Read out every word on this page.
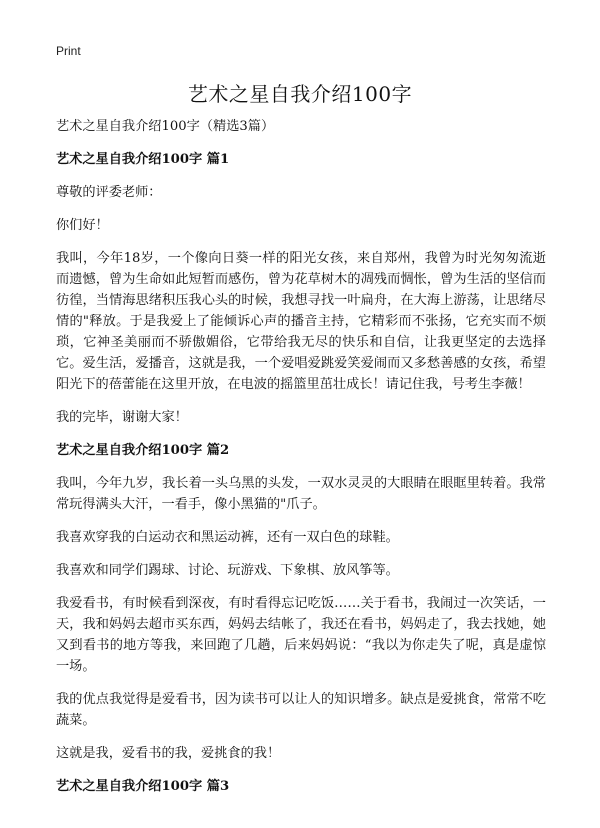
Print
艺术之星自我介绍100字

艺术之星自我介绍100字（精选3篇）

艺术之星自我介绍100字 篇1

尊敬的评委老师：

你们好！

我叫，今年18岁，一个像向日葵一样的阳光女孩，来自郑州，我曾为时光匆匆流逝而遗憾，曾为生命如此短暂而感伤，曾为花草树木的凋残而惆怅，曾为生活的坚信而彷徨，当情海思绪积压我心头的时候，我想寻找一叶扁舟，在大海上游荡，让思绪尽情的"释放。于是我爱上了能倾诉心声的播音主持，它精彩而不张扬，它充实而不烦琐，它神圣美丽而不骄傲媚俗，它带给我无尽的快乐和自信，让我更坚定的去选择它。爱生活，爱播音，这就是我，一个爱唱爱跳爱笑爱闹而又多愁善感的女孩，希望阳光下的蓓蕾能在这里开放，在电波的摇篮里茁壮成长！请记住我，号考生李薇！

我的完毕，谢谢大家！

艺术之星自我介绍100字 篇2

我叫，今年九岁，我长着一头乌黑的头发，一双水灵灵的大眼睛在眼眶里转着。我常常玩得满头大汗，一看手，像小黑猫的"爪子。

我喜欢穿我的白运动衣和黑运动裤，还有一双白色的球鞋。

我喜欢和同学们踢球、讨论、玩游戏、下象棋、放风筝等。

我爱看书，有时候看到深夜，有时看得忘记吃饭……关于看书，我闹过一次笑话，一天，我和妈妈去超市买东西，妈妈去结帐了，我还在看书，妈妈走了，我去找她，她又到看书的地方等我，来回跑了几趟，后来妈妈说：“我以为你走失了呢，真是虚惊一场。

我的优点我觉得是爱看书，因为读书可以让人的知识增多。缺点是爱挑食，常常不吃蔬菜。

这就是我，爱看书的我，爱挑食的我！

艺术之星自我介绍100字 篇3
